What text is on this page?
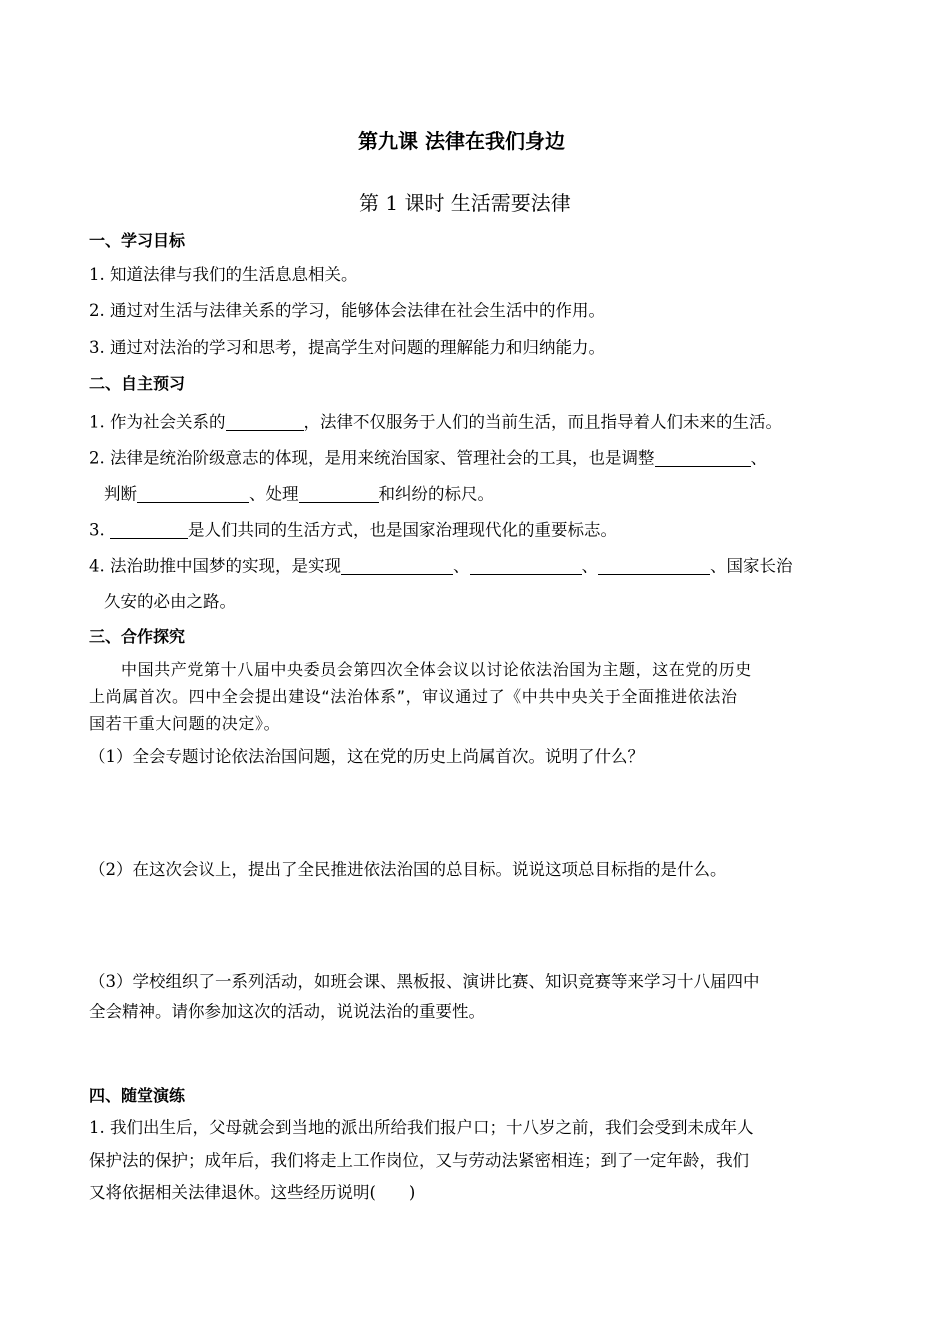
第九课 法律在我们身边
第 1 课时 生活需要法律
一、学习目标
1. 知道法律与我们的生活息息相关。
2. 通过对生活与法律关系的学习，能够体会法律在社会生活中的作用。
3. 通过对法治的学习和思考，提高学生对问题的理解能力和归纳能力。
二、自主预习
1. 作为社会关系的	，法律不仅服务于人们的当前生活，而且指导着人们未来的生活。
2. 法律是统治阶级意志的体现，是用来统治国家、管理社会的工具，也是调整	、
判断	、处理	和纠纷的标尺。
3.	是人们共同的生活方式，也是国家治理现代化的重要标志。
4. 法治助推中国梦的实现，是实现	、	、	、国家长治
久安的必由之路。
三、合作探究
中国共产党第十八届中央委员会第四次全体会议以讨论依法治国为主题，这在党的历史
上尚属首次。四中全会提出建设“法治体系”，审议通过了《中共中央关于全面推进依法治
国若干重大问题的决定》。
（1）全会专题讨论依法治国问题，这在党的历史上尚属首次。说明了什么？
（2）在这次会议上，提出了全民推进依法治国的总目标。说说这项总目标指的是什么。
（3）学校组织了一系列活动，如班会课、黑板报、演讲比赛、知识竞赛等来学习十八届四中
全会精神。请你参加这次的活动，说说法治的重要性。
四、随堂演练
1. 我们出生后，父母就会到当地的派出所给我们报户口；十八岁之前，我们会受到未成年人
保护法的保护；成年后，我们将走上工作岗位，又与劳动法紧密相连；到了一定年龄，我们
又将依据相关法律退休。这些经历说明(　　)
